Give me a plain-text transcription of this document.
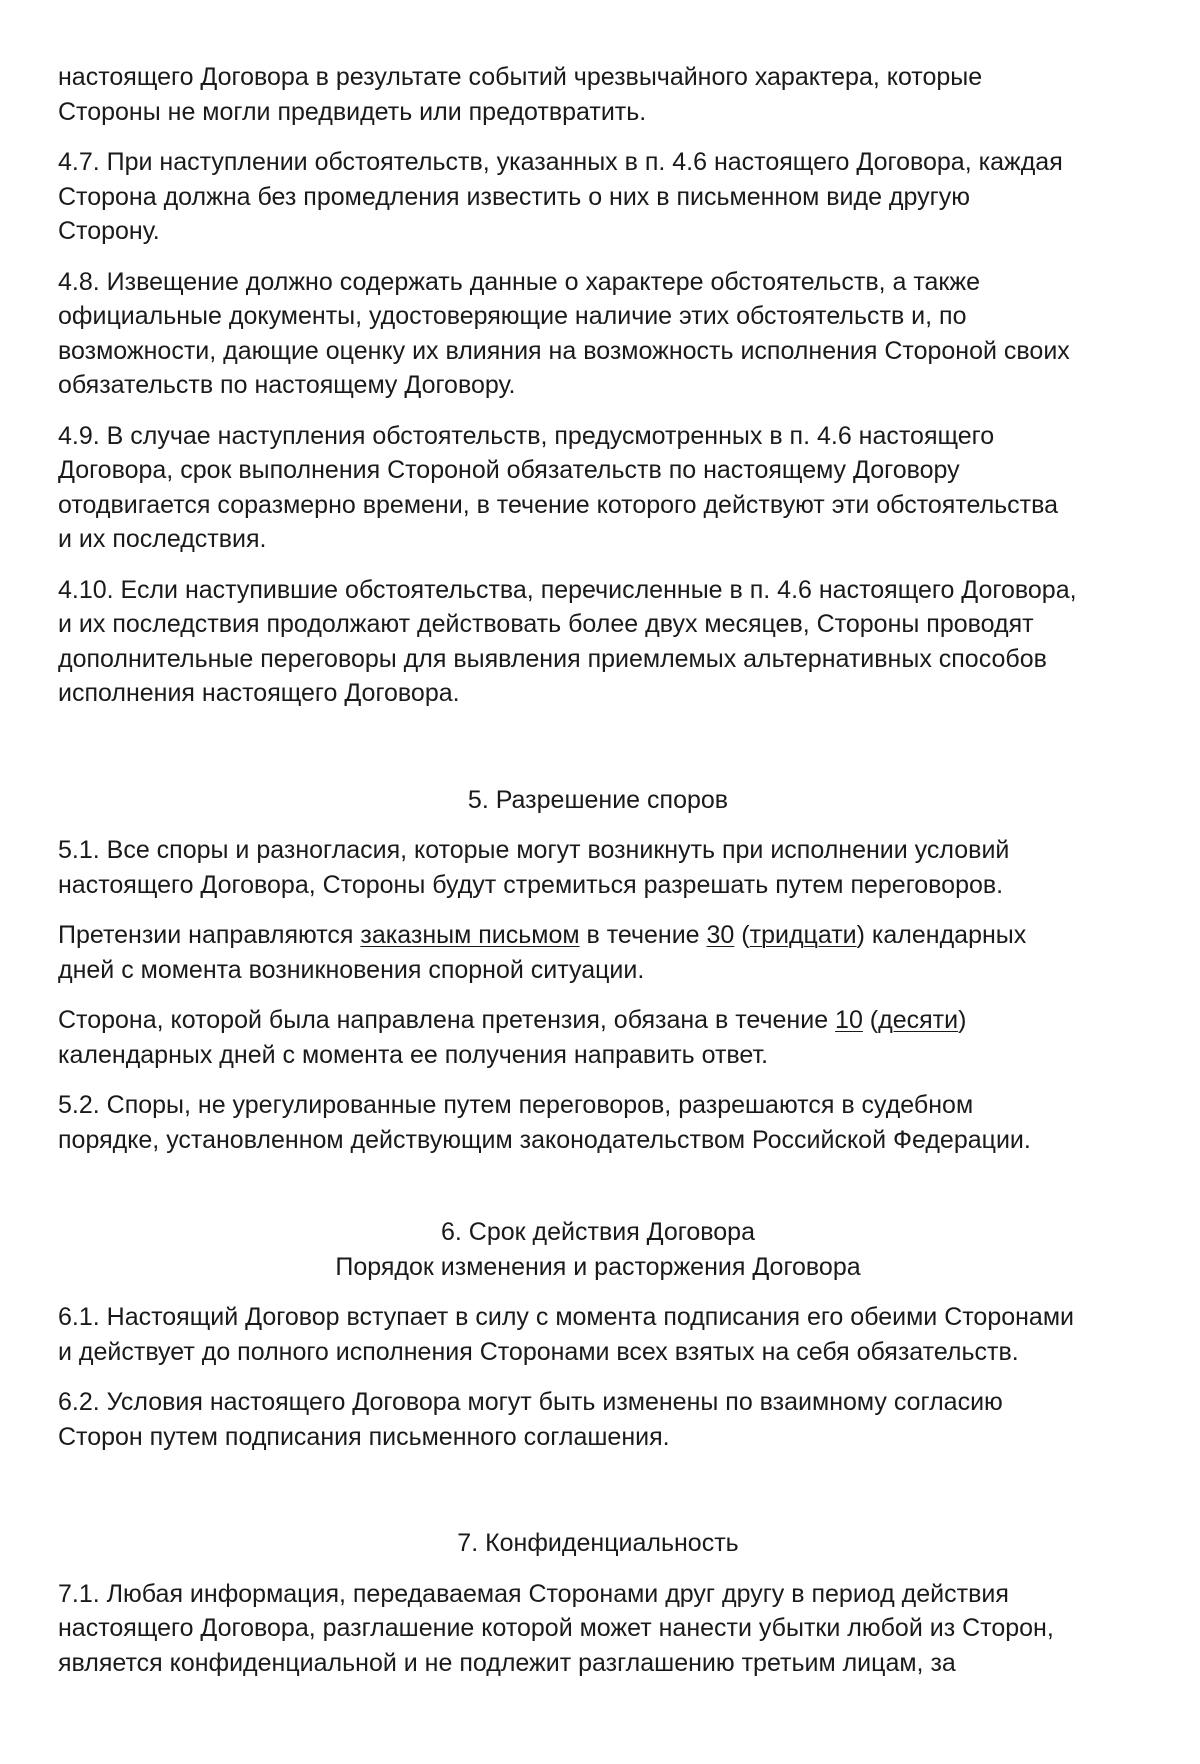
настоящего Договора в результате событий чрезвычайного характера, которые
Стороны не могли предвидеть или предотвратить.

4.7. При наступлении обстоятельств, указанных в п. 4.6 настоящего Договора, каждая
Сторона должна без промедления известить о них в письменном виде другую
Сторону.

4.8. Извещение должно содержать данные о характере обстоятельств, а также
официальные документы, удостоверяющие наличие этих обстоятельств и, по
возможности, дающие оценку их влияния на возможность исполнения Стороной своих
обязательств по настоящему Договору.

4.9. В случае наступления обстоятельств, предусмотренных в п. 4.6 настоящего
Договора, срок выполнения Стороной обязательств по настоящему Договору
отодвигается соразмерно времени, в течение которого действуют эти обстоятельства
и их последствия.

4.10. Если наступившие обстоятельства, перечисленные в п. 4.6 настоящего Договора,
и их последствия продолжают действовать более двух месяцев, Стороны проводят
дополнительные переговоры для выявления приемлемых альтернативных способов
исполнения настоящего Договора.

5. Разрешение споров

5.1. Все споры и разногласия, которые могут возникнуть при исполнении условий
настоящего Договора, Стороны будут стремиться разрешать путем переговоров.

Претензии направляются заказным письмом в течение 30 (тридцати) календарных
дней с момента возникновения спорной ситуации.

Сторона, которой была направлена претензия, обязана в течение 10 (десяти)
календарных дней с момента ее получения направить ответ.

5.2. Споры, не урегулированные путем переговоров, разрешаются в судебном
порядке, установленном действующим законодательством Российской Федерации.

6. Срок действия Договора
Порядок изменения и расторжения Договора

6.1. Настоящий Договор вступает в силу с момента подписания его обеими Сторонами
и действует до полного исполнения Сторонами всех взятых на себя обязательств.

6.2. Условия настоящего Договора могут быть изменены по взаимному согласию
Сторон путем подписания письменного соглашения.

7. Конфиденциальность

7.1. Любая информация, передаваемая Сторонами друг другу в период действия
настоящего Договора, разглашение которой может нанести убытки любой из Сторон,
является конфиденциальной и не подлежит разглашению третьим лицам, за
